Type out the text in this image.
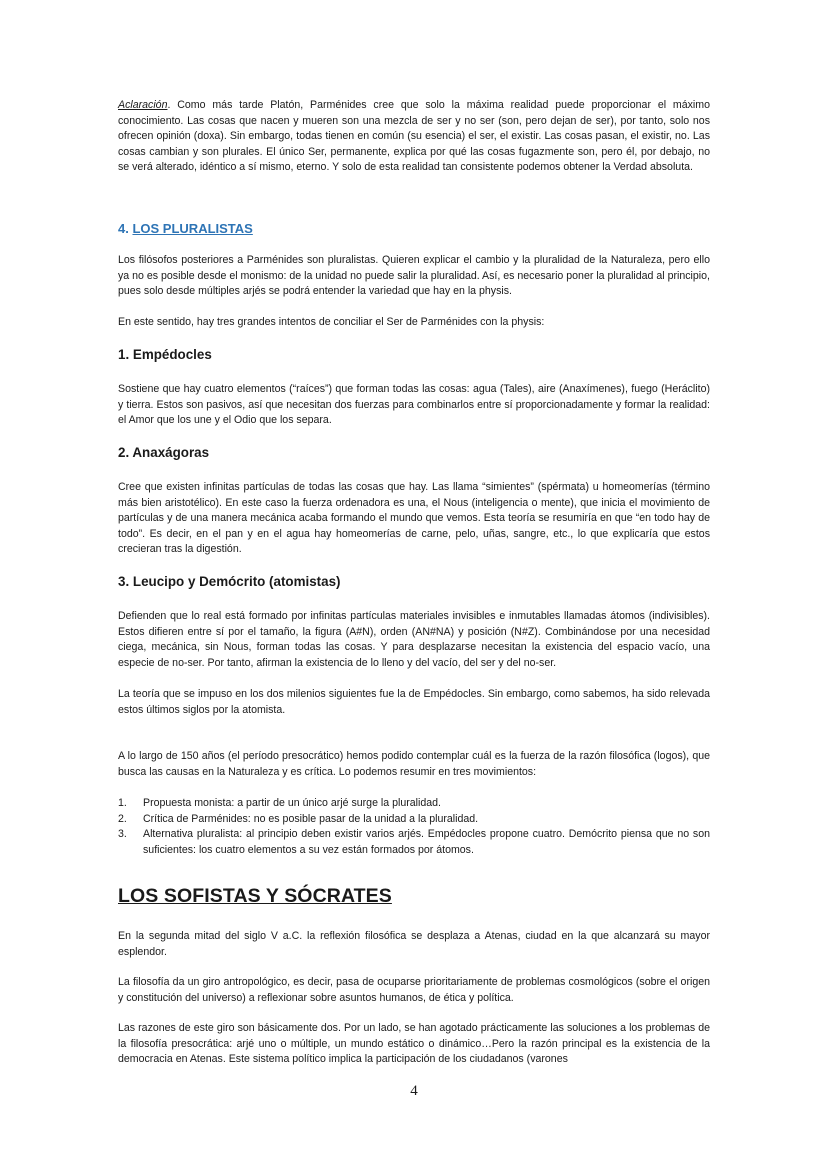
Aclaración. Como más tarde Platón, Parménides cree que solo la máxima realidad puede proporcionar el máximo conocimiento. Las cosas que nacen y mueren son una mezcla de ser y no ser (son, pero dejan de ser), por tanto, solo nos ofrecen opinión (doxa). Sin embargo, todas tienen en común (su esencia) el ser, el existir. Las cosas pasan, el existir, no. Las cosas cambian y son plurales. El único Ser, permanente, explica por qué las cosas fugazmente son, pero él, por debajo, no se verá alterado, idéntico a sí mismo, eterno. Y solo de esta realidad tan consistente podemos obtener la Verdad absoluta.

4. LOS PLURALISTAS

Los filósofos posteriores a Parménides son pluralistas. Quieren explicar el cambio y la pluralidad de la Naturaleza, pero ello ya no es posible desde el monismo: de la unidad no puede salir la pluralidad. Así, es necesario poner la pluralidad al principio, pues solo desde múltiples arjés se podrá entender la variedad que hay en la physis.

En este sentido, hay tres grandes intentos de conciliar el Ser de Parménides con la physis:

1. Empédocles

Sostiene que hay cuatro elementos (“raíces”) que forman todas las cosas: agua (Tales), aire (Anaxímenes), fuego (Heráclito) y tierra. Estos son pasivos, así que necesitan dos fuerzas para combinarlos entre sí proporcionadamente y formar la realidad: el Amor que los une y el Odio que los separa.

2. Anaxágoras

Cree que existen infinitas partículas de todas las cosas que hay. Las llama “simientes” (spérmata) u homeomerías (término más bien aristotélico). En este caso la fuerza ordenadora es una, el Nous (inteligencia o mente), que inicia el movimiento de partículas y de una manera mecánica acaba formando el mundo que vemos. Esta teoría se resumiría en que “en todo hay de todo”. Es decir, en el pan y en el agua hay homeomerías de carne, pelo, uñas, sangre, etc., lo que explicaría que estos crecieran tras la digestión.

3. Leucipo y Demócrito (atomistas)

Defienden que lo real está formado por infinitas partículas materiales invisibles e inmutables llamadas átomos (indivisibles). Estos difieren entre sí por el tamaño, la figura (A#N), orden (AN#NA) y posición (N#Z). Combinándose por una necesidad ciega, mecánica, sin Nous, forman todas las cosas. Y para desplazarse necesitan la existencia del espacio vacío, una especie de no-ser. Por tanto, afirman la existencia de lo lleno y del vacío, del ser y del no-ser.

La teoría que se impuso en los dos milenios siguientes fue la de Empédocles. Sin embargo, como sabemos, ha sido relevada estos últimos siglos por la atomista.

A lo largo de 150 años (el período presocrático) hemos podido contemplar cuál es la fuerza de la razón filosófica (logos), que busca las causas en la Naturaleza y es crítica. Lo podemos resumir en tres movimientos:

1.	Propuesta monista: a partir de un único arjé surge la pluralidad.
2.	Crítica de Parménides: no es posible pasar de la unidad a la pluralidad.
3.	Alternativa pluralista: al principio deben existir varios arjés. Empédocles propone cuatro. Demócrito piensa que no son suficientes: los cuatro elementos a su vez están formados por átomos.
LOS SOFISTAS Y SÓCRATES

En la segunda mitad del siglo V a.C. la reflexión filosófica se desplaza a Atenas, ciudad en la que alcanzará su mayor esplendor.

La filosofía da un giro antropológico, es decir, pasa de ocuparse prioritariamente de problemas cosmológicos (sobre el origen y constitución del universo) a reflexionar sobre asuntos humanos, de ética y política.

Las razones de este giro son básicamente dos. Por un lado, se han agotado prácticamente las soluciones a los problemas de la filosofía presocrática: arjé uno o múltiple, un mundo estático o dinámico…Pero la razón principal es la existencia de la democracia en Atenas. Este sistema político implica la participación de los ciudadanos (varones

4
